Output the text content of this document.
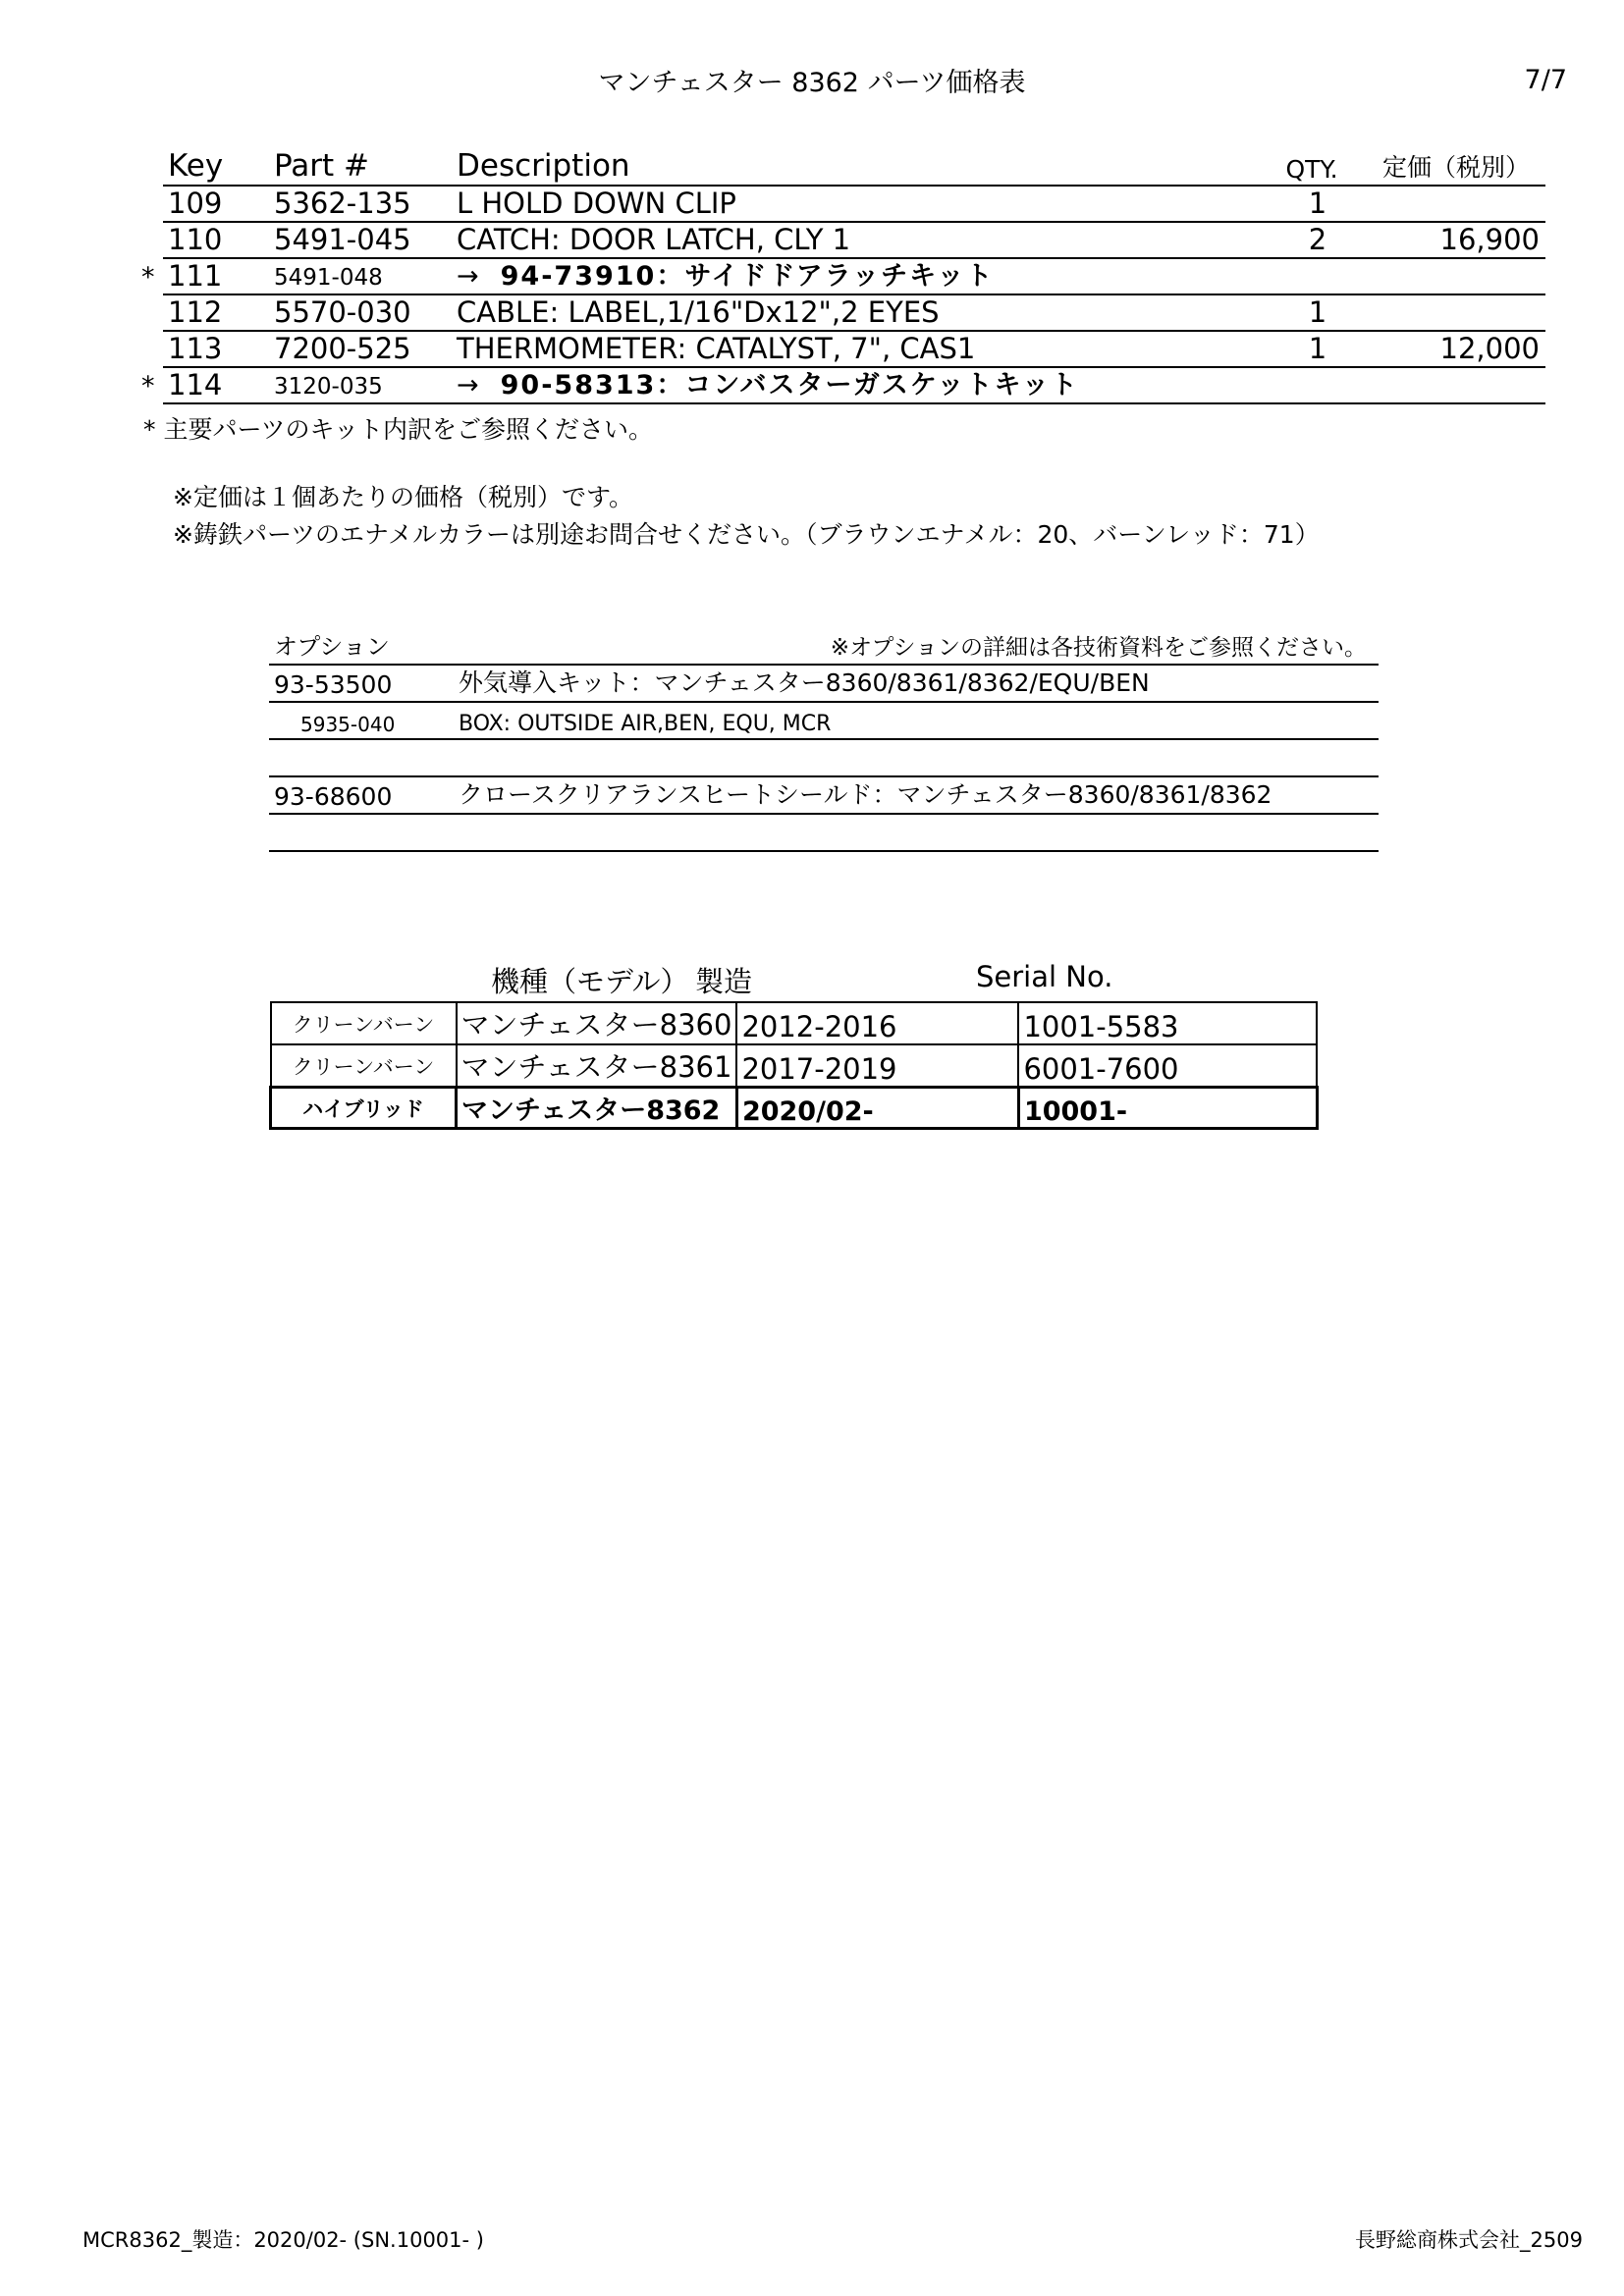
マンチェスター 8362 パーツ価格表	7/7
Key Part #	Description	QTY. 定価（税別）
109 5362-135 L HOLD DOWN CLIP	1
110 5491-045 CATCH: DOOR LATCH, CLY 1	2	16,900
* 111 5491-048	→ 94-73910：サイドドアラッチキット
112 5570-030 CABLE: LABEL,1/16"Dx12",2 EYES	1
113 7200-525 THERMOMETER: CATALYST, 7", CAS1	1	12,000
* 114 3120-035	→ 90-58313：コンバスターガスケットキット
* 主要パーツのキット内訳をご参照ください。
※定価は１個あたりの価格（税別）です。
※鋳鉄パーツのエナメルカラーは別途お問合せください。（ブラウンエナメル：20、バーンレッド：71）
オプション	※オプションの詳細は各技術資料をご参照ください。
93-53500	外気導入キット：マンチェスター8360/8361/8362/EQU/BEN
5935-040	BOX: OUTSIDE AIR,BEN, EQU, MCR
93-68600	クロースクリアランスヒートシールド：マンチェスター8360/8361/8362
機種（モデル） 製造	Serial No.
クリーンバーン	マンチェスター8360	2012-2016	1001-5583
クリーンバーン	マンチェスター8361	2017-2019	6001-7600
ハイブリッド	マンチェスター8362	2020/02-	10001-
MCR8362_製造：2020/02- (SN.10001- )	長野総商株式会社_2509
